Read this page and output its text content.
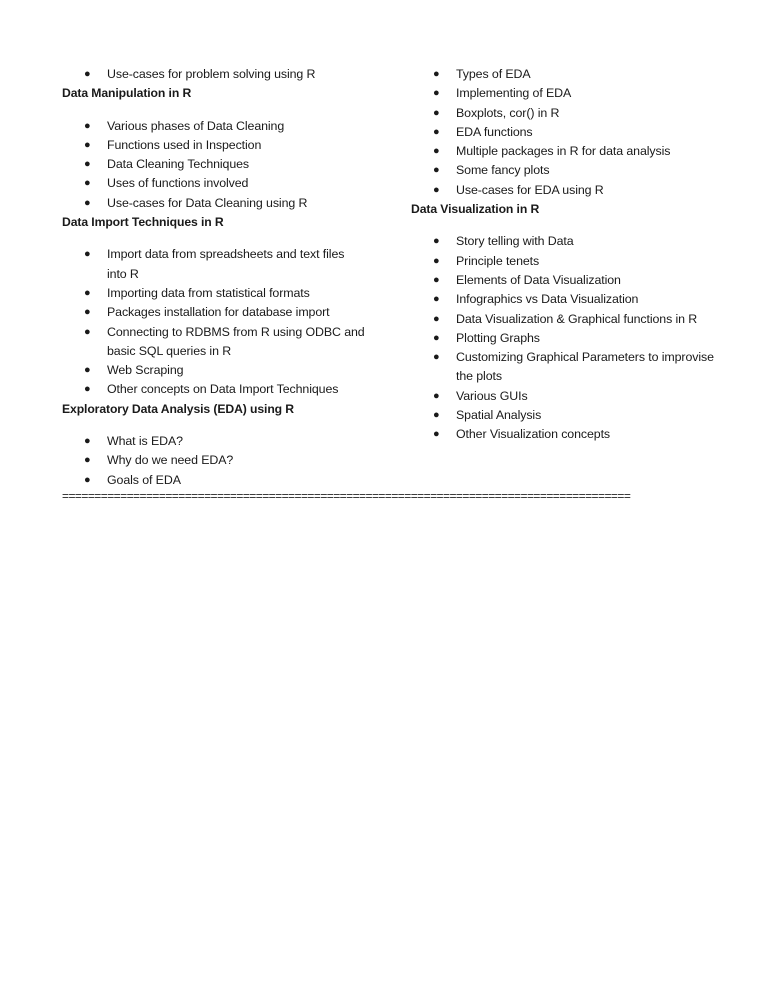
● Use-cases for problem solving using R
Data Manipulation in R
● Various phases of Data Cleaning
● Functions used in Inspection
● Data Cleaning Techniques
● Uses of functions involved
● Use-cases for Data Cleaning using R
Data Import Techniques in R
● Import data from spreadsheets and text files into R
● Importing data from statistical formats
● Packages installation for database import
● Connecting to RDBMS from R using ODBC and basic SQL queries in R
● Web Scraping
● Other concepts on Data Import Techniques
Exploratory Data Analysis (EDA) using R
● What is EDA?
● Why do we need EDA?
● Goals of EDA
● Types of EDA
● Implementing of EDA
● Boxplots, cor() in R
● EDA functions
● Multiple packages in R for data analysis
● Some fancy plots
● Use-cases for EDA using R
Data Visualization in R
● Story telling with Data
● Principle tenets
● Elements of Data Visualization
● Infographics vs Data Visualization
● Data Visualization & Graphical functions in R
● Plotting Graphs
● Customizing Graphical Parameters to improvise the plots
● Various GUIs
● Spatial Analysis
● Other Visualization concepts
========================================================================================
